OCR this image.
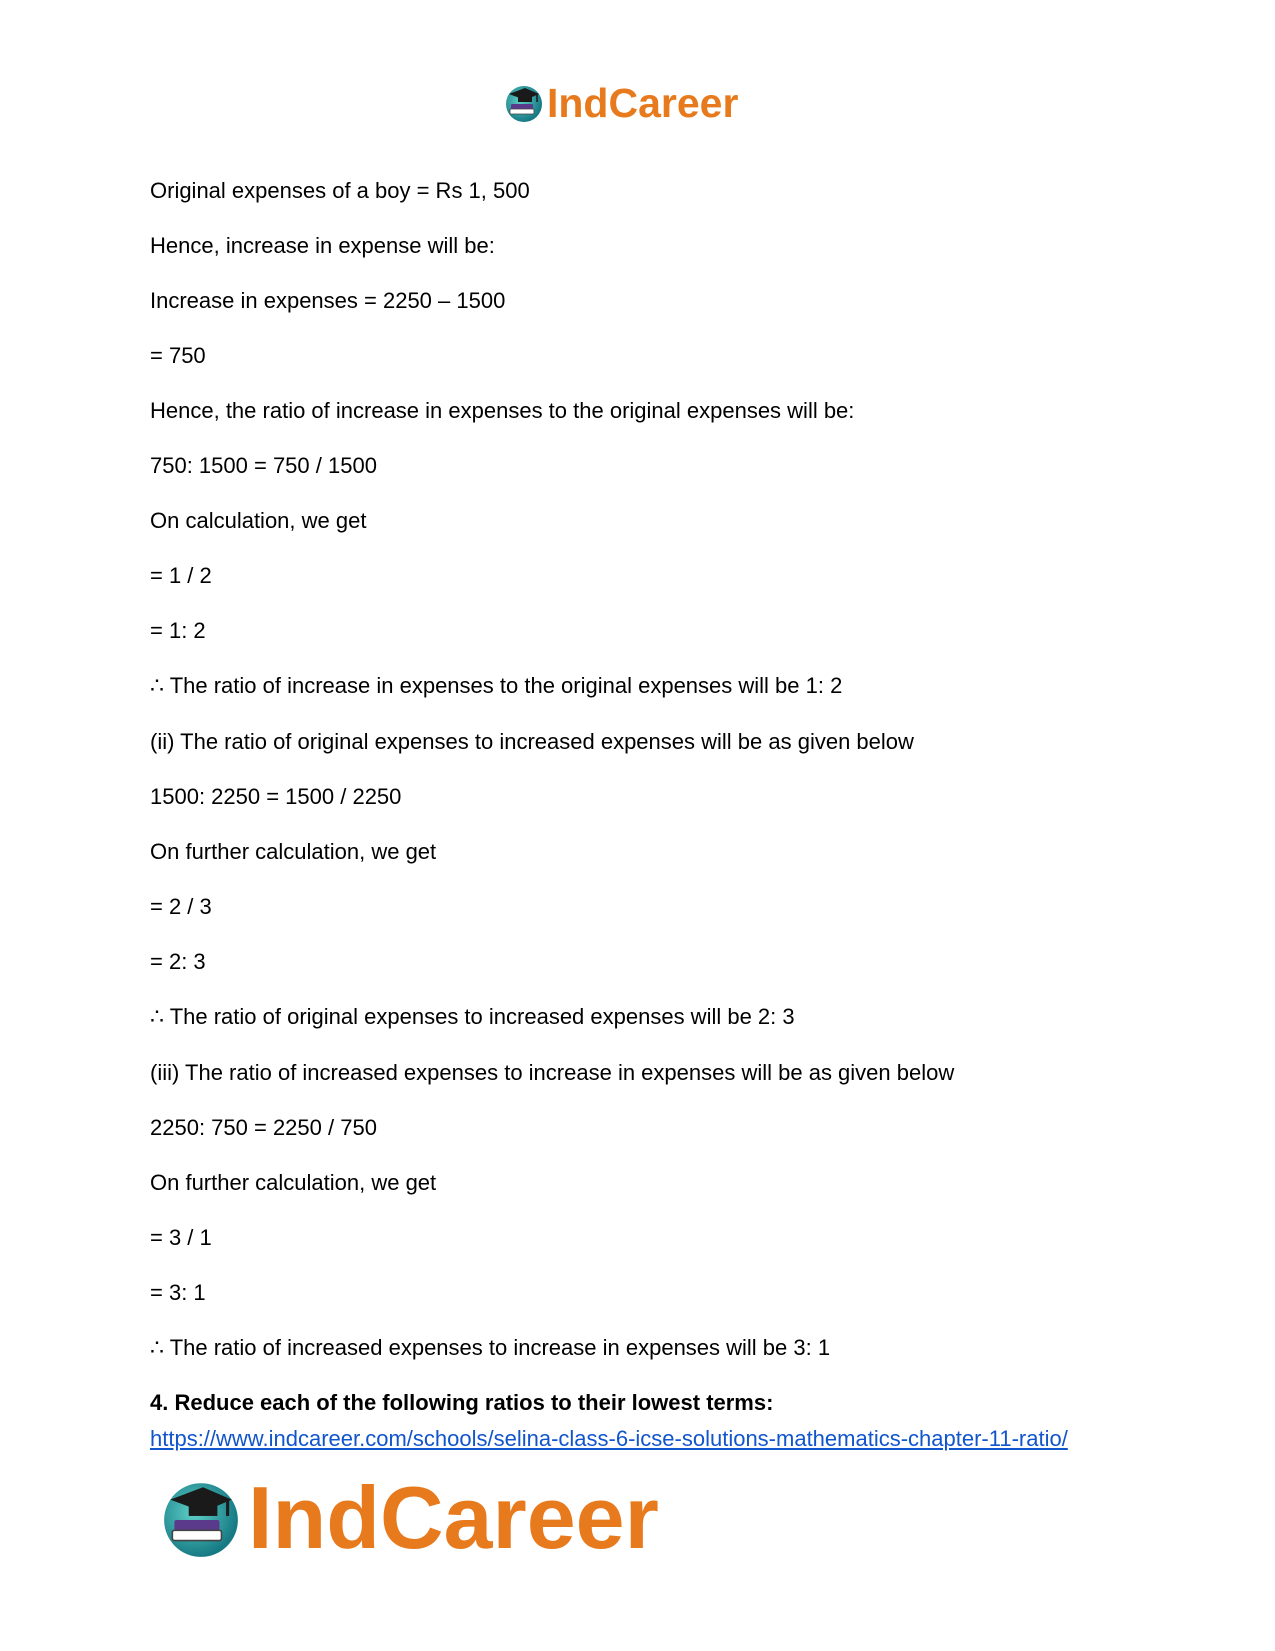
IndCareer
Original expenses of a boy = Rs 1, 500
Hence, increase in expense will be:
Increase in expenses = 2250 – 1500
= 750
Hence, the ratio of increase in expenses to the original expenses will be:
750: 1500 = 750 / 1500
On calculation, we get
= 1 / 2
= 1: 2
∴ The ratio of increase in expenses to the original expenses will be 1: 2
(ii) The ratio of original expenses to increased expenses will be as given below
1500: 2250 = 1500 / 2250
On further calculation, we get
= 2 / 3
= 2: 3
∴ The ratio of original expenses to increased expenses will be 2: 3
(iii) The ratio of increased expenses to increase in expenses will be as given below
2250: 750 = 2250 / 750
On further calculation, we get
= 3 / 1
= 3: 1
∴ The ratio of increased expenses to increase in expenses will be 3: 1
4. Reduce each of the following ratios to their lowest terms:
https://www.indcareer.com/schools/selina-class-6-icse-solutions-mathematics-chapter-11-ratio/
IndCareer
